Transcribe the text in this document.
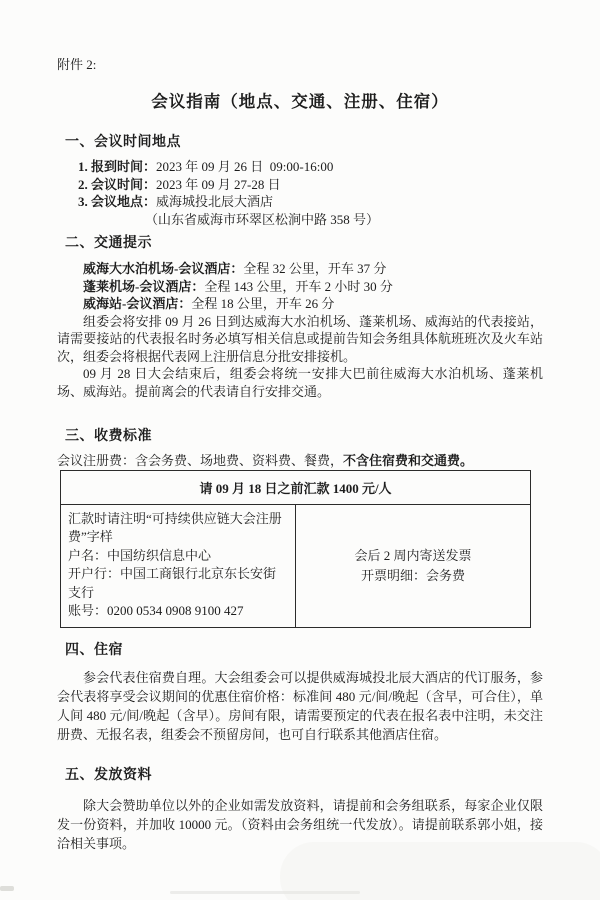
附件 2:
会议指南（地点、交通、注册、住宿）
一、会议时间地点
1. 报到时间：2023 年 09 月 26 日  09:00-16:00
2. 会议时间：2023 年 09 月 27-28 日
3. 会议地点：威海城投北辰大酒店
（山东省威海市环翠区松涧中路 358 号）
二、交通提示
威海大水泊机场-会议酒店：全程 32 公里，开车 37 分
蓬莱机场-会议酒店：全程 143 公里，开车 2 小时 30 分
威海站-会议酒店：全程 18 公里，开车 26 分

组委会将安排 09 月 26 日到达威海大水泊机场、蓬莱机场、威海站的代表接站，请需要接站的代表报名时务必填写相关信息或提前告知会务组具体航班班次及火车站次，组委会将根据代表网上注册信息分批安排接机。

09 月 28 日大会结束后，组委会将统一安排大巴前往威海大水泊机场、蓬莱机场、威海站。提前离会的代表请自行安排交通。

三、收费标准
会议注册费：含会务费、场地费、资料费、餐费，不含住宿费和交通费。
请 09 月 18 日之前汇款 1400 元/人

汇款时请注明“可持续供应链大会注册费”字样
户名：中国纺织信息中心
开户行：中国工商银行北京东长安街支行
账号：0200 0534 0908 9100 427

会后 2 周内寄送发票
开票明细：会务费
四、住宿

参会代表住宿费自理。大会组委会可以提供威海城投北辰大酒店的代订服务，参会代表将享受会议期间的优惠住宿价格：标准间 480 元/间/晚起（含早，可合住），单人间 480 元/间/晚起（含早）。房间有限，请需要预定的代表在报名表中注明，未交注册费、无报名表，组委会不预留房间，也可自行联系其他酒店住宿。

五、发放资料

除大会赞助单位以外的企业如需发放资料，请提前和会务组联系，每家企业仅限发一份资料，并加收 10000 元。（资料由会务组统一代发放）。请提前联系郭小姐，接洽相关事项。
